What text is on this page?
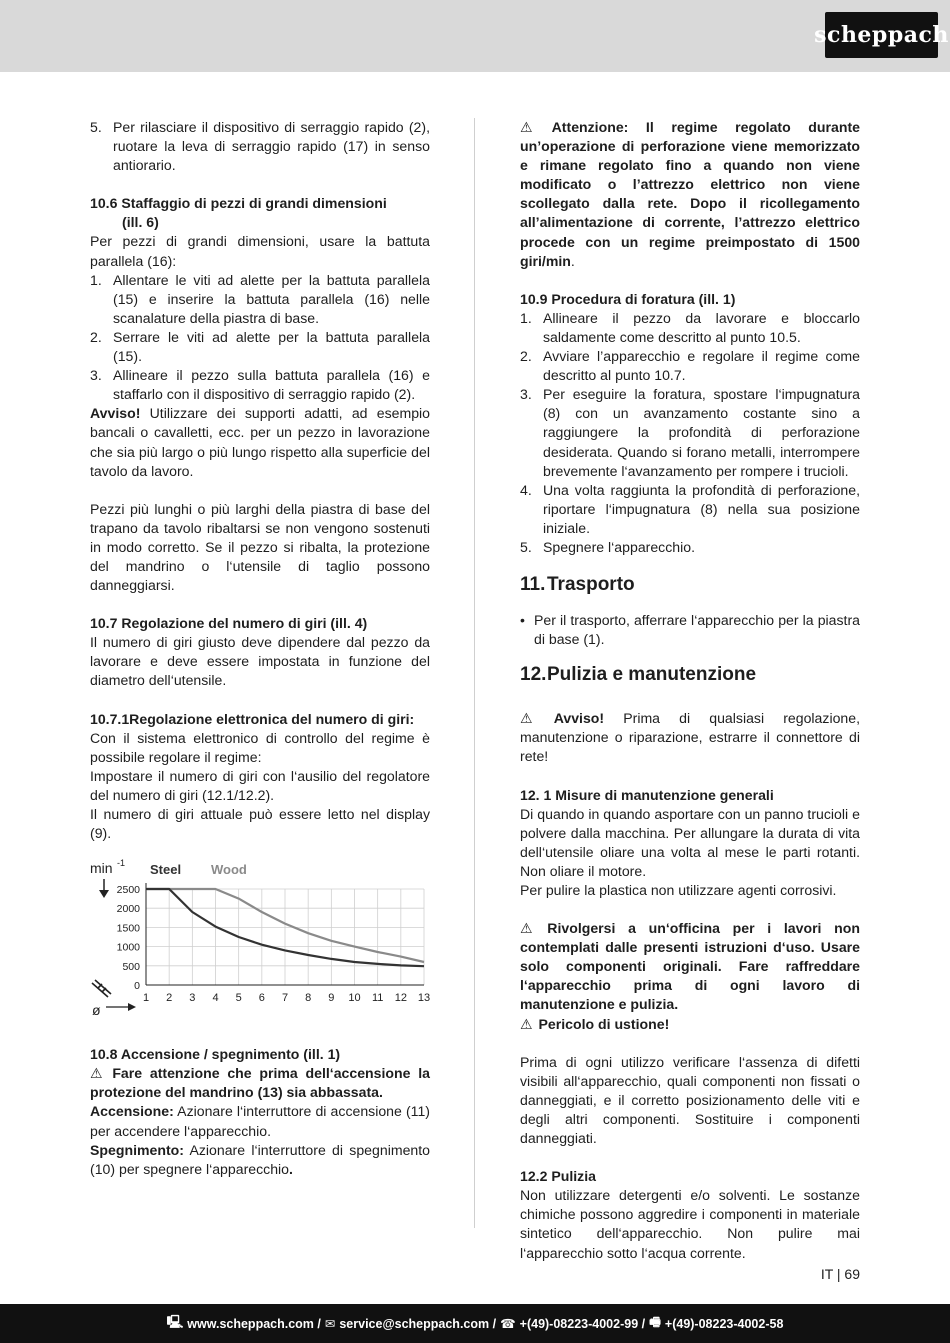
scheppach
5. Per rilasciare il dispositivo di serraggio rapido (2), ruotare la leva di serraggio rapido (17) in senso antiorario.

10.6 Staffaggio di pezzi di grandi dimensioni

(ill. 6)

Per pezzi di grandi dimensioni, usare la battuta parallela (16):

1. Allentare le viti ad alette per la battuta parallela (15) e inserire la battuta parallela (16) nelle scanalature della piastra di base.
2. Serrare le viti ad alette per la battuta parallela (15).
3. Allineare il pezzo sulla battuta parallela (16) e staffarlo con il dispositivo di serraggio rapido (2).

Avviso! Utilizzare dei supporti adatti, ad esempio bancali o cavalletti, ecc. per un pezzo in lavorazione che sia più largo o più lungo rispetto alla superficie del tavolo da lavoro.

Pezzi più lunghi o più larghi della piastra di base del trapano da tavolo ribaltarsi se non vengono sostenuti in modo corretto. Se il pezzo si ribalta, la protezione del mandrino o l‘utensile di taglio possono danneggiarsi.

10.7 Regolazione del numero di giri (ill. 4)

Il numero di giri giusto deve dipendere dal pezzo da lavorare e deve essere impostata in funzione del diametro dell‘utensile.

10.7.1Regolazione elettronica del numero di giri:

Con il sistema elettronico di controllo del regime è possibile regolare il regime:

Impostare il numero di giri con l‘ausilio del regolatore del numero di giri (12.1/12.2).

Il numero di giri attuale può essere letto nel display (9).

0
500
1000
1500
2000
2500
1 2 3 4 5 6 7 8 9 10 11 12 13
min -1
ø
Steel Wood

10.8 Accensione / spegnimento (ill. 1)

⚠ Fare attenzione che prima dell‘accensione la protezione del mandrino (13) sia abbassata.

Accensione: Azionare l‘interruttore di accensione (11) per accendere l‘apparecchio.

Spegnimento: Azionare l‘interruttore di spegnimento (10) per spegnere l‘apparecchio.

⚠ Attenzione: Il regime regolato durante un’operazione di perforazione viene memorizzato e rimane regolato fino a quando non viene modificato o l’attrezzo elettrico non viene scollegato dalla rete. Dopo il ricollegamento all’alimentazione di corrente, l’attrezzo elettrico procede con un regime preimpostato di 1500 giri/min.

10.9 Procedura di foratura (ill. 1)

1. Allineare il pezzo da lavorare e bloccarlo saldamente come descritto al punto 10.5.
2. Avviare l’apparecchio e regolare il regime come descritto al punto 10.7.
3. Per eseguire la foratura, spostare l‘impugnatura (8) con un avanzamento costante sino a raggiungere la profondità di perforazione desiderata. Quando si forano metalli, interrompere brevemente l‘avanzamento per rompere i trucioli.
4. Una volta raggiunta la profondità di perforazione, riportare l‘impugnatura (8) nella sua posizione iniziale.
5. Spegnere l‘apparecchio.
11. Trasporto
• Per il trasporto, afferrare l‘apparecchio per la piastra di base (1).
12. Pulizia e manutenzione

⚠ Avviso! Prima di qualsiasi regolazione, manutenzione o riparazione, estrarre il connettore di rete!

12. 1 Misure di manutenzione generali

Di quando in quando asportare con un panno trucioli e polvere dalla macchina. Per allungare la durata di vita dell‘utensile oliare una volta al mese le parti rotanti. Non oliare il motore.

Per pulire la plastica non utilizzare agenti corrosivi.

⚠ Rivolgersi a un‘officina per i lavori non contemplati dalle presenti istruzioni d‘uso. Usare solo componenti originali. Fare raffreddare l‘apparecchio prima di ogni lavoro di manutenzione e pulizia.

⚠ Pericolo di ustione!

Prima di ogni utilizzo verificare l‘assenza di difetti visibili all‘apparecchio, quali componenti non fissati o danneggiati, e il corretto posizionamento delle viti e degli altri componenti. Sostituire i componenti danneggiati.

12.2 Pulizia

Non utilizzare detergenti e/o solventi. Le sostanze chimiche possono aggredire i componenti in materiale sintetico dell‘apparecchio. Non pulire mai l‘apparecchio sotto l‘acqua corrente.

IT | 69
🖳 www.scheppach.com / ✉ service@scheppach.com / ☎ +(49)-08223-4002-99 / 🖷 +(49)-08223-4002-58
